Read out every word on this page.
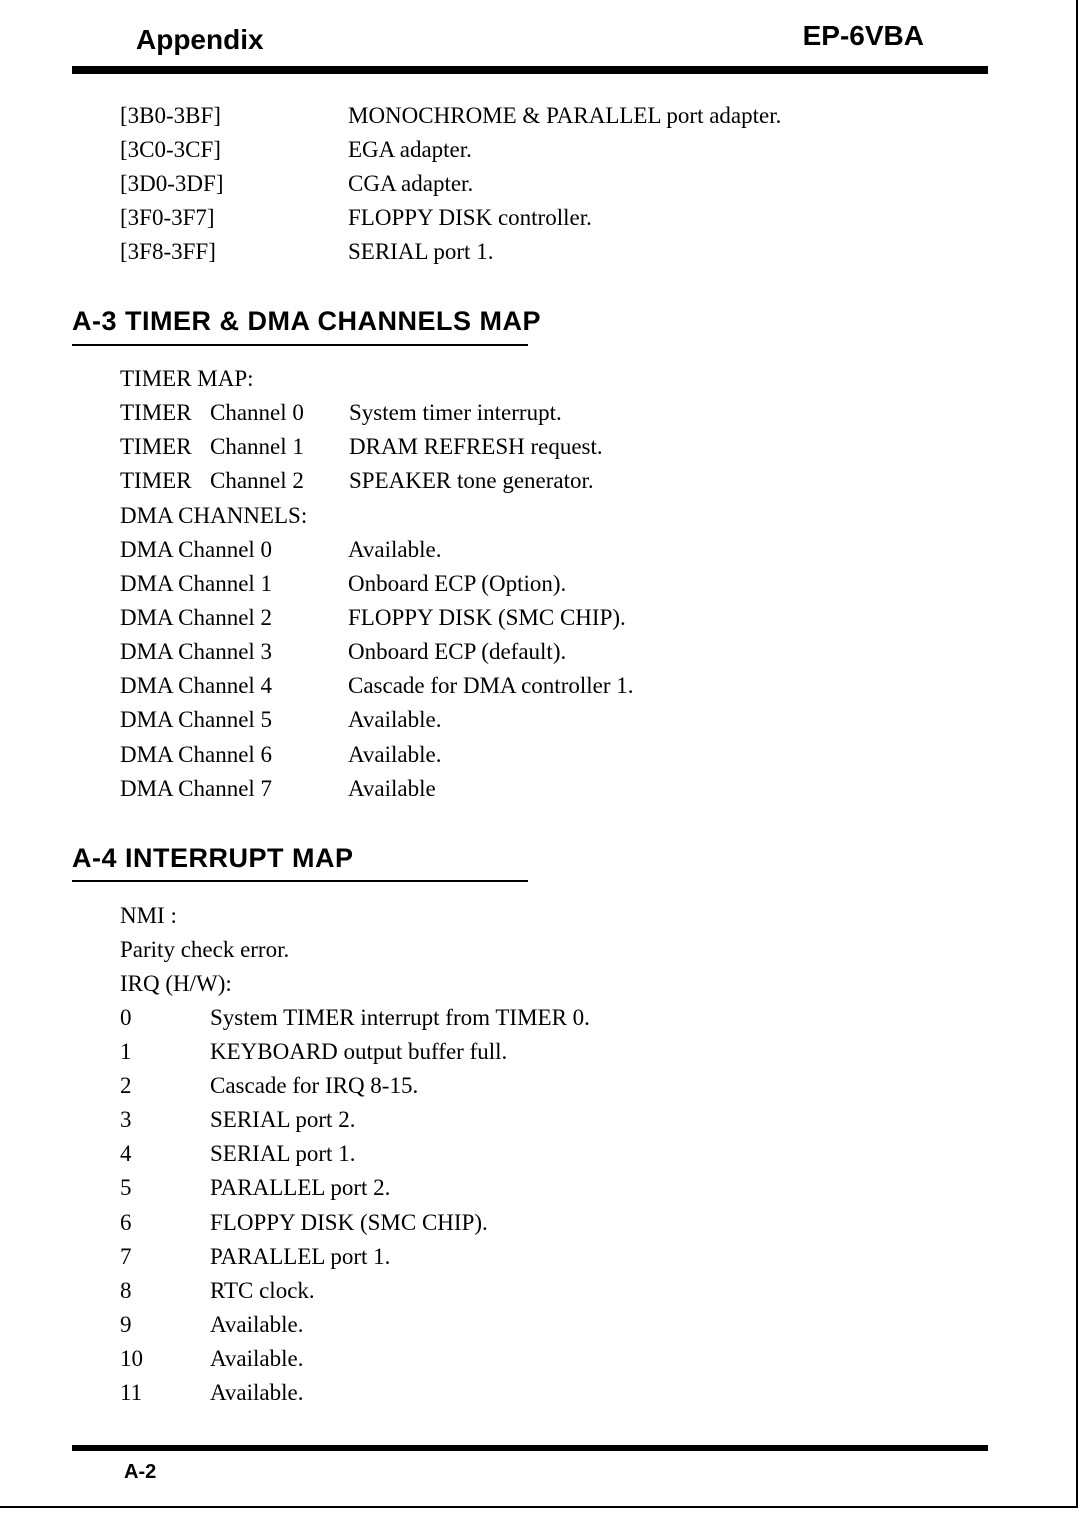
Appendix	EP-6VBA
[3B0-3BF]	MONOCHROME & PARALLEL port adapter.
[3C0-3CF]	EGA adapter.
[3D0-3DF]	CGA adapter.
[3F0-3F7]	FLOPPY DISK controller.
[3F8-3FF]	SERIAL port 1.
A-3 TIMER & DMA CHANNELS MAP
TIMER MAP:
TIMER Channel 0 System timer interrupt.
TIMER Channel 1 DRAM REFRESH request.
TIMER Channel 2 SPEAKER tone generator.
DMA CHANNELS:
DMA Channel 0	Available.
DMA Channel 1	Onboard ECP (Option).
DMA Channel 2	FLOPPY DISK (SMC CHIP).
DMA Channel 3	Onboard ECP (default).
DMA Channel 4	Cascade for DMA controller 1.
DMA Channel 5	Available.
DMA Channel 6	Available.
DMA Channel 7	Available
A-4 INTERRUPT MAP
NMI :
Parity check error.
IRQ (H/W):
0	System TIMER interrupt from TIMER 0.
1	KEYBOARD output buffer full.
2	Cascade for IRQ 8-15.
3	SERIAL port 2.
4	SERIAL port 1.
5	PARALLEL port 2.
6	FLOPPY DISK (SMC CHIP).
7	PARALLEL port 1.
8	RTC clock.
9	Available.
10	Available.
11	Available.
A-2
